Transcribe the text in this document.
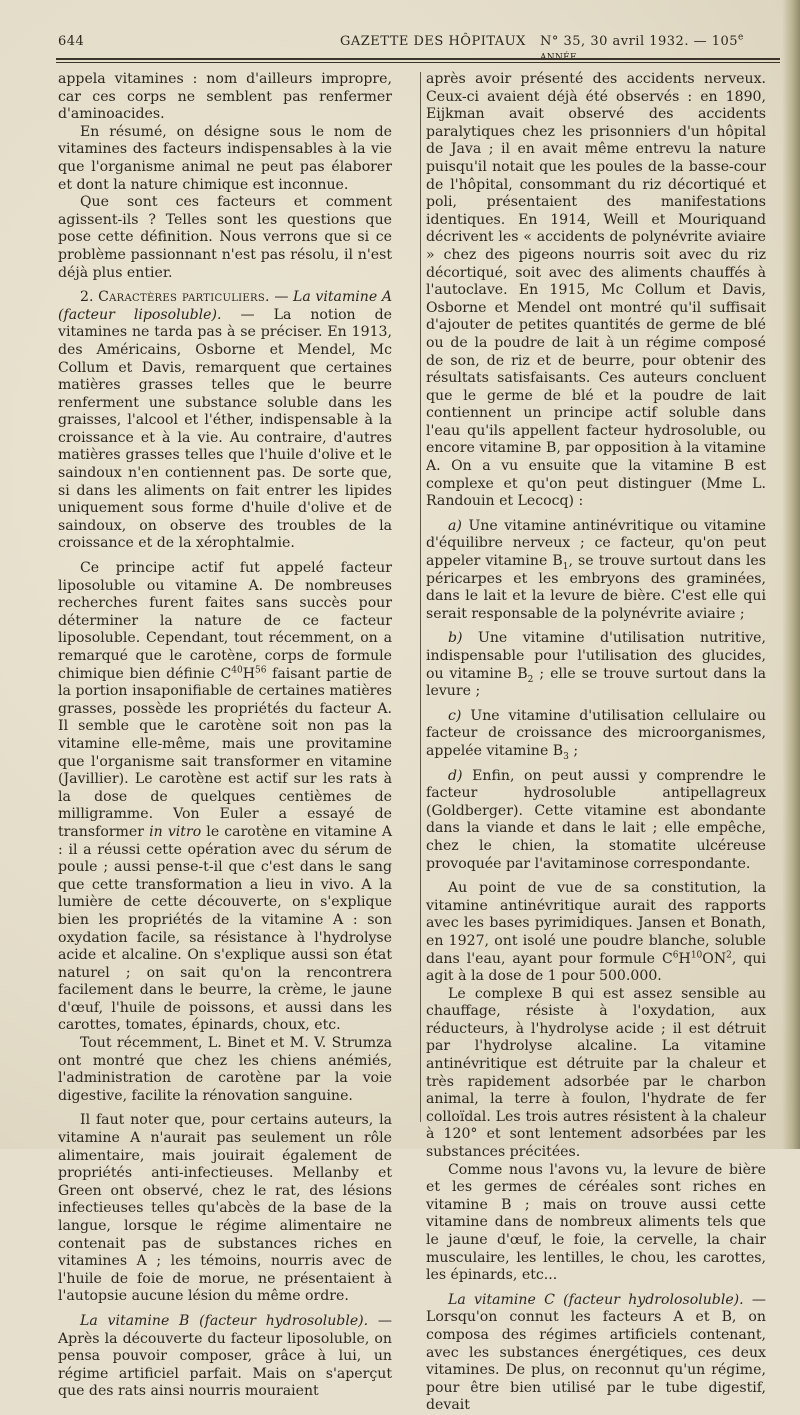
644	GAZETTE DES HÔPITAUX N° 35, 30 avril 1932. — 105e

appela vitamines : nom d'ailleurs impropre, car ces corps ne semblent pas renfermer d'aminoacides.

En résumé, on désigne sous le nom de vitamines des facteurs indispensables à la vie que l'organisme animal ne peut pas élaborer et dont la nature chimique est inconnue.

Que sont ces facteurs et comment agissent-ils ? Telles sont les questions que pose cette définition. Nous verrons que si ce problème passionnant n'est pas résolu, il n'est déjà plus entier.

2. Caractères particuliers. — La vitamine A (facteur liposoluble). — La notion de vitamines ne tarda pas à se préciser. En 1913, des Américains, Osborne et Mendel, Mc Collum et Davis, remarquent que certaines matières grasses telles que le beurre renferment une substance soluble dans les graisses, l'alcool et l'éther, indispensable à la croissance et à la vie. Au contraire, d'autres matières grasses telles que l'huile d'olive et le saindoux n'en contiennent pas. De sorte que, si dans les aliments on fait entrer les lipides uniquement sous forme d'huile d'olive et de saindoux, on observe des troubles de la croissance et de la xérophtalmie.

Ce principe actif fut appelé facteur liposoluble ou vitamine A. De nombreuses recherches furent faites sans succès pour déterminer la nature de ce facteur liposoluble. Cependant, tout récemment, on a remarqué que le carotène, corps de formule chimique bien définie $C^{40}H^{56}$ faisant partie de la portion insaponifiable de certaines matières grasses, possède les propriétés du facteur A. Il semble que le carotène soit non pas la vitamine elle-même, mais une provitamine que l'organisme sait transformer en vitamine (Javillier). Le carotène est actif sur les rats à la dose de quelques centièmes de milligramme. Von Euler a essayé de transformer in vitro le carotène en vitamine A : il a réussi cette opération avec du sérum de poule ; aussi pense-t-il que c'est dans le sang que cette transformation a lieu in vivo. A la lumière de cette découverte, on s'explique bien les propriétés de la vitamine A : son oxydation facile, sa résistance à l'hydrolyse acide et alcaline. On s'explique aussi son état naturel ; on sait qu'on la rencontrera facilement dans le beurre, la crème, le jaune d'œuf, l'huile de poissons, et aussi dans les carottes, tomates, épinards, choux, etc.

Tout récemment, L. Binet et M. V. Strumza ont montré que chez les chiens anémiés, l'administration de carotène par la voie digestive, facilite la rénovation sanguine.

Il faut noter que, pour certains auteurs, la vitamine A n'aurait pas seulement un rôle alimentaire, mais jouirait également de propriétés anti-infectieuses. Mellanby et Green ont observé, chez le rat, des lésions infectieuses telles qu'abcès de la base de la langue, lorsque le régime alimentaire ne contenait pas de substances riches en vitamines A ; les témoins, nourris avec de l'huile de foie de morue, ne présentaient à l'autopsie aucune lésion du même ordre.

La vitamine B (facteur hydrosoluble). — Après la découverte du facteur liposoluble, on pensa pouvoir composer, grâce à lui, un régime artificiel parfait. Mais on s'aperçut que des rats ainsi nourris mouraient

après avoir présenté des accidents nerveux. Ceux-ci avaient déjà été observés : en 1890, Eijkman avait observé des accidents paralytiques chez les prisonniers d'un hôpital de Java ; il en avait même entrevu la nature puisqu'il notait que les poules de la basse-cour de l'hôpital, consommant du riz décortiqué et poli, présentaient des manifestations identiques. En 1914, Weill et Mouriquand décrivent les « accidents de polynévrite aviaire » chez des pigeons nourris soit avec du riz décortiqué, soit avec des aliments chauffés à l'autoclave. En 1915, Mc Collum et Davis, Osborne et Mendel ont montré qu'il suffisait d'ajouter de petites quantités de germe de blé ou de la poudre de lait à un régime composé de son, de riz et de beurre, pour obtenir des résultats satisfaisants. Ces auteurs concluent que le germe de blé et la poudre de lait contiennent un principe actif soluble dans l'eau qu'ils appellent facteur hydrosoluble, ou encore vitamine B, par opposition à la vitamine A. On a vu ensuite que la vitamine B est complexe et qu'on peut distinguer (Mme L. Randouin et Lecocq) :

a) Une vitamine antinévritique ou vitamine d'équilibre nerveux ; ce facteur, qu'on peut appeler vitamine $B_1$, se trouve surtout dans les péricarpes et les embryons des graminées, dans le lait et la levure de bière. C'est elle qui serait responsable de la polynévrite aviaire ;

b) Une vitamine d'utilisation nutritive, indispensable pour l'utilisation des glucides, ou vitamine $B_2$ ; elle se trouve surtout dans la levure ;

c) Une vitamine d'utilisation cellulaire ou facteur de croissance des microorganismes, appelée vitamine $B_3$ ;

d) Enfin, on peut aussi y comprendre le facteur hydrosoluble antipellagreux (Goldberger). Cette vitamine est abondante dans la viande et dans le lait ; elle empêche, chez le chien, la stomatite ulcéreuse provoquée par l'avitaminose correspondante.

Au point de vue de sa constitution, la vitamine antinévritique aurait des rapports avec les bases pyrimidiques. Jansen et Bonath, en 1927, ont isolé une poudre blanche, soluble dans l'eau, ayant pour formule $C^6H^{10}ON^2$, qui agit à la dose de 1 pour 500.000.

Le complexe B qui est assez sensible au chauffage, résiste à l'oxydation, aux réducteurs, à l'hydrolyse acide ; il est détruit par l'hydrolyse alcaline. La vitamine antinévritique est détruite par la chaleur et très rapidement adsorbée par le charbon animal, la terre à foulon, l'hydrate de fer colloïdal. Les trois autres résistent à la chaleur à 120° et sont lentement adsorbées par les substances précitées.

Comme nous l'avons vu, la levure de bière et les germes de céréales sont riches en vitamine B ; mais on trouve aussi cette vitamine dans de nombreux aliments tels que le jaune d'œuf, le foie, la cervelle, la chair musculaire, les lentilles, le chou, les carottes, les épinards, etc...

La vitamine C (facteur hydrolosoluble). — Lorsqu'on connut les facteurs A et B, on composa des régimes artificiels contenant, avec les substances énergétiques, ces deux vitamines. De plus, on reconnut qu'un régime, pour être bien utilisé par le tube digestif, devait
